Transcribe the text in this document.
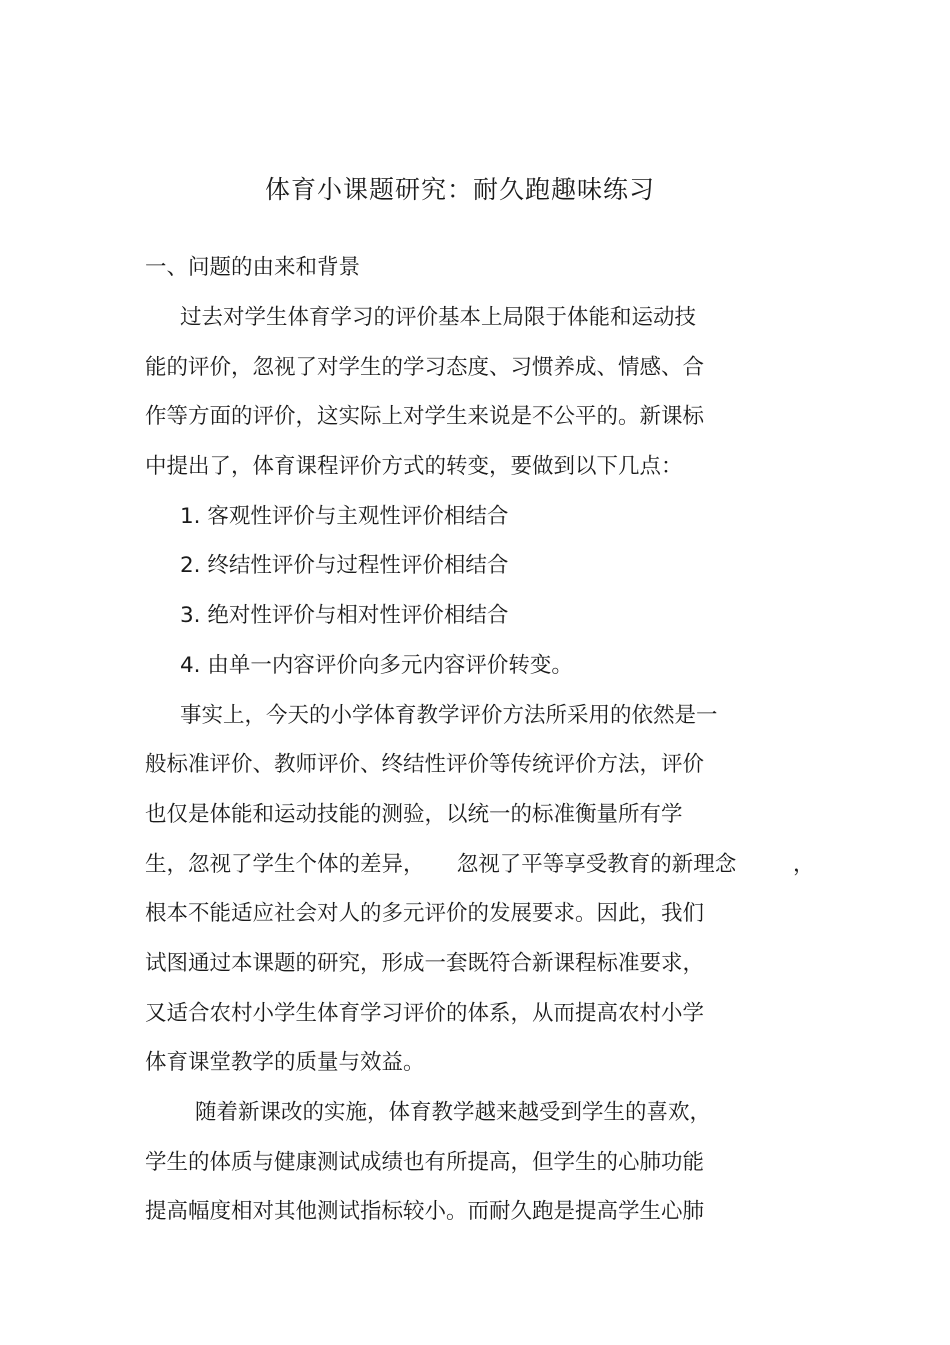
体育小课题研究：耐久跑趣味练习

一、问题的由来和背景

过去对学生体育学习的评价基本上局限于体能和运动技

能的评价，忽视了对学生的学习态度、习惯养成、情感、合

作等方面的评价，这实际上对学生来说是不公平的。新课标

中提出了，体育课程评价方式的转变，要做到以下几点：

1. 客观性评价与主观性评价相结合

2. 终结性评价与过程性评价相结合

3. 绝对性评价与相对性评价相结合

4. 由单一内容评价向多元内容评价转变。

事实上，今天的小学体育教学评价方法所采用的依然是一

般标准评价、教师评价、终结性评价等传统评价方法，评价

也仅是体能和运动技能的测验，以统一的标准衡量所有学

生，忽视了学生个体的差异，　　忽视了平等享受教育的新理念	，

根本不能适应社会对人的多元评价的发展要求。因此，我们

试图通过本课题的研究，形成一套既符合新课程标准要求，

又适合农村小学生体育学习评价的体系，从而提高农村小学

体育课堂教学的质量与效益。

随着新课改的实施，体育教学越来越受到学生的喜欢，

学生的体质与健康测试成绩也有所提高，但学生的心肺功能

提高幅度相对其他测试指标较小。而耐久跑是提高学生心肺
